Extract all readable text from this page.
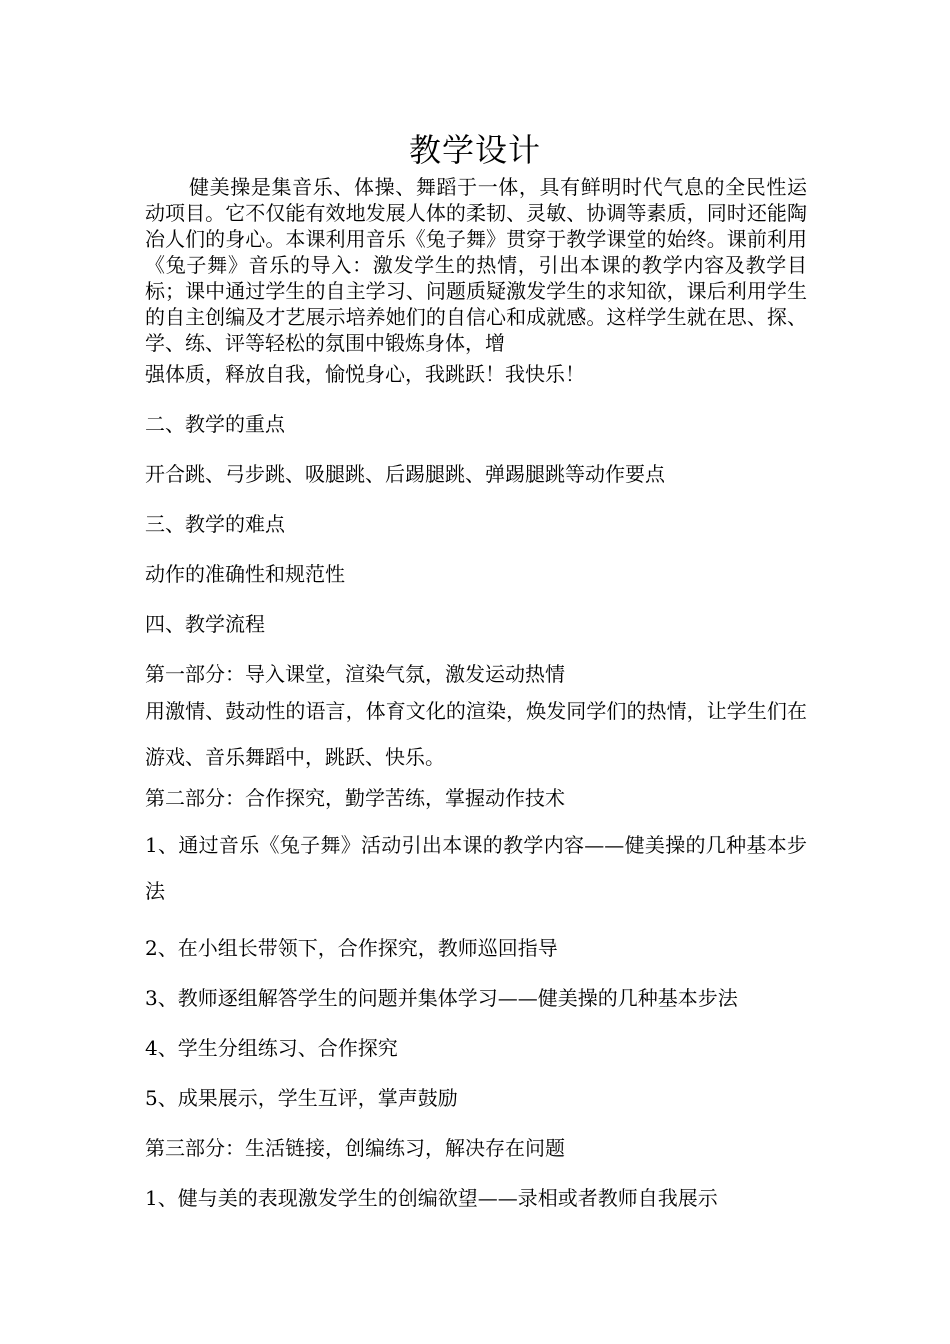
教学设计

健美操是集音乐、体操、舞蹈于一体，具有鲜明时代气息的全民性运动项目。它不仅能有效地发展人体的柔韧、灵敏、协调等素质，同时还能陶冶人们的身心。本课利用音乐《兔子舞》贯穿于教学课堂的始终。课前利用《兔子舞》音乐的导入：激发学生的热情，引出本课的教学内容及教学目标；课中通过学生的自主学习、问题质疑激发学生的求知欲，课后利用学生的自主创编及才艺展示培养她们的自信心和成就感。这样学生就在思、探、学、练、评等轻松的氛围中锻炼身体，增

强体质，释放自我，愉悦身心，我跳跃！我快乐！

二、教学的重点

开合跳、弓步跳、吸腿跳、后踢腿跳、弹踢腿跳等动作要点

三、教学的难点

动作的准确性和规范性

四、教学流程

第一部分：导入课堂，渲染气氛，激发运动热情

用激情、鼓动性的语言，体育文化的渲染，焕发同学们的热情，让学生们在游戏、音乐舞蹈中，跳跃、快乐。

第二部分：合作探究，勤学苦练，掌握动作技术

1、通过音乐《兔子舞》活动引出本课的教学内容——健美操的几种基本步法

2、在小组长带领下，合作探究，教师巡回指导

3、教师逐组解答学生的问题并集体学习——健美操的几种基本步法

4、学生分组练习、合作探究

5、成果展示，学生互评，掌声鼓励

第三部分：生活链接，创编练习，解决存在问题

1、健与美的表现激发学生的创编欲望——录相或者教师自我展示
